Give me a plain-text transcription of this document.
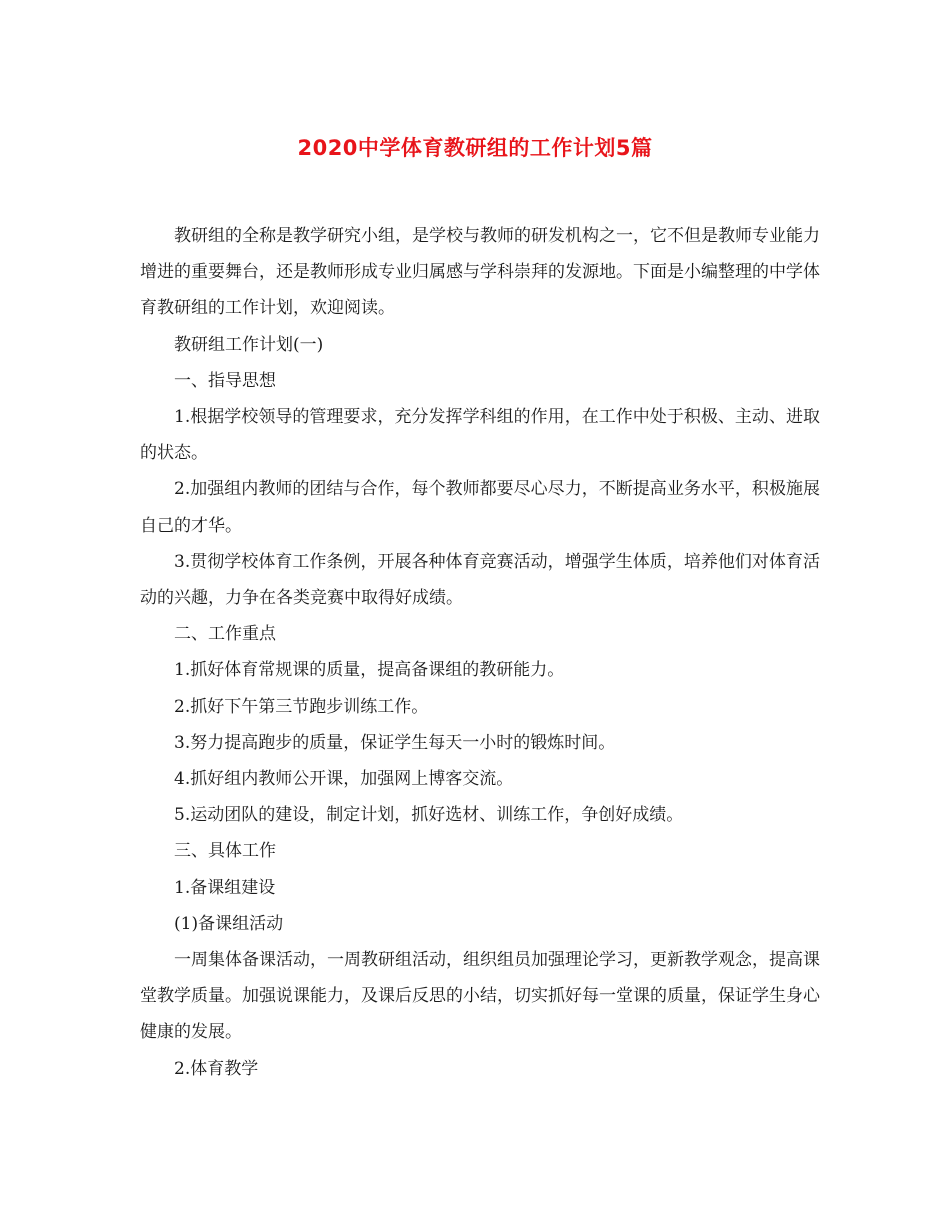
2020中学体育教研组的工作计划5篇

教研组的全称是教学研究小组，是学校与教师的研发机构之一，它不但是教师专业能力增进的重要舞台，还是教师形成专业归属感与学科崇拜的发源地。下面是小编整理的中学体育教研组的工作计划，欢迎阅读。

教研组工作计划(一)

一、指导思想

1.根据学校领导的管理要求，充分发挥学科组的作用，在工作中处于积极、主动、进取的状态。

2.加强组内教师的团结与合作，每个教师都要尽心尽力，不断提高业务水平，积极施展自己的才华。

3.贯彻学校体育工作条例，开展各种体育竞赛活动，增强学生体质，培养他们对体育活动的兴趣，力争在各类竞赛中取得好成绩。

二、工作重点

1.抓好体育常规课的质量，提高备课组的教研能力。

2.抓好下午第三节跑步训练工作。

3.努力提高跑步的质量，保证学生每天一小时的锻炼时间。

4.抓好组内教师公开课，加强网上博客交流。

5.运动团队的建设，制定计划，抓好选材、训练工作，争创好成绩。

三、具体工作

1.备课组建设

(1)备课组活动

一周集体备课活动，一周教研组活动，组织组员加强理论学习，更新教学观念，提高课堂教学质量。加强说课能力，及课后反思的小结，切实抓好每一堂课的质量，保证学生身心健康的发展。

2.体育教学
